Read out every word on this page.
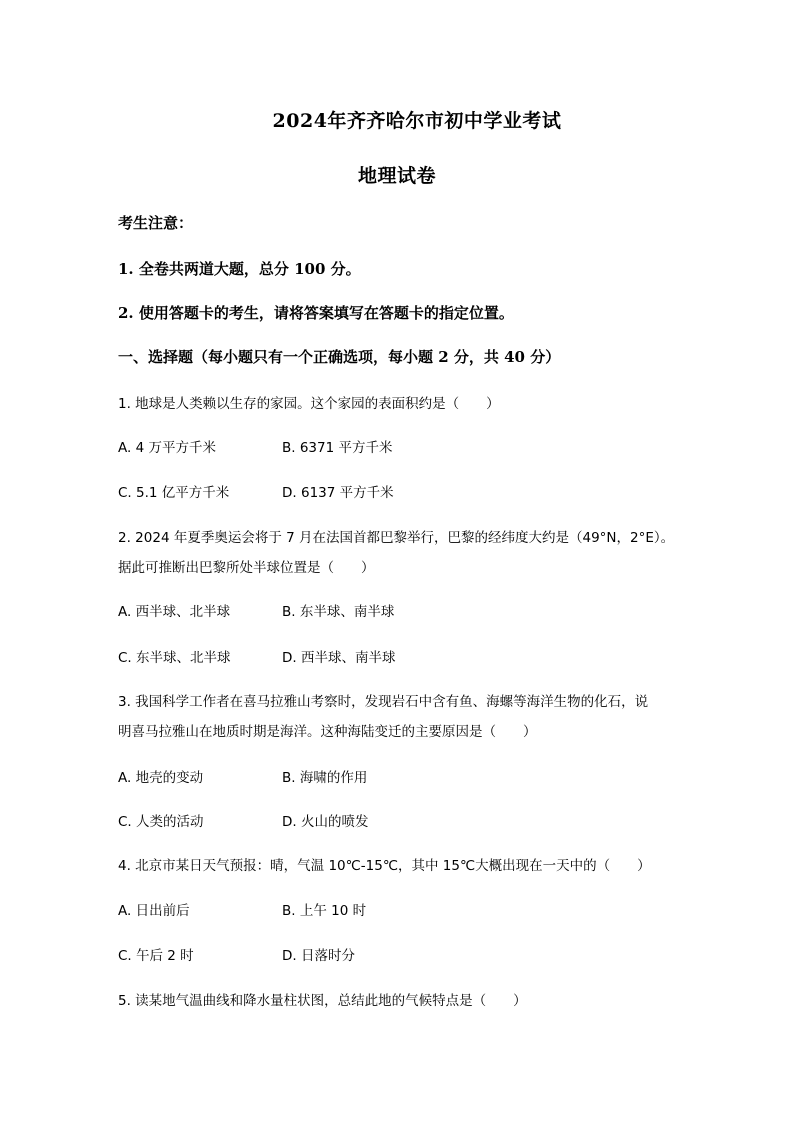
2024年齐齐哈尔市初中学业考试
地理试卷
考生注意：
1. 全卷共两道大题，总分 100 分。
2. 使用答题卡的考生，请将答案填写在答题卡的指定位置。
一、选择题（每小题只有一个正确选项，每小题 2 分，共 40 分）
1. 地球是人类赖以生存的家园。这个家园的表面积约是（　　）
A. 4 万平方千米	B. 6371 平方千米
C. 5.1 亿平方千米	D. 6137 平方千米
2. 2024 年夏季奥运会将于 7 月在法国首都巴黎举行，巴黎的经纬度大约是（49°N，2°E）。
据此可推断出巴黎所处半球位置是（　　）
A. 西半球、北半球	B. 东半球、南半球
C. 东半球、北半球	D. 西半球、南半球
3. 我国科学工作者在喜马拉雅山考察时，发现岩石中含有鱼、海螺等海洋生物的化石，说
明喜马拉雅山在地质时期是海洋。这种海陆变迁的主要原因是（　　）
A. 地壳的变动	B. 海啸的作用
C. 人类的活动	D. 火山的喷发
4. 北京市某日天气预报：晴，气温 10℃-15℃，其中 15℃大概出现在一天中的（　　）
A. 日出前后	B. 上午 10 时
C. 午后 2 时	D. 日落时分
5. 读某地气温曲线和降水量柱状图，总结此地的气候特点是（　　）
